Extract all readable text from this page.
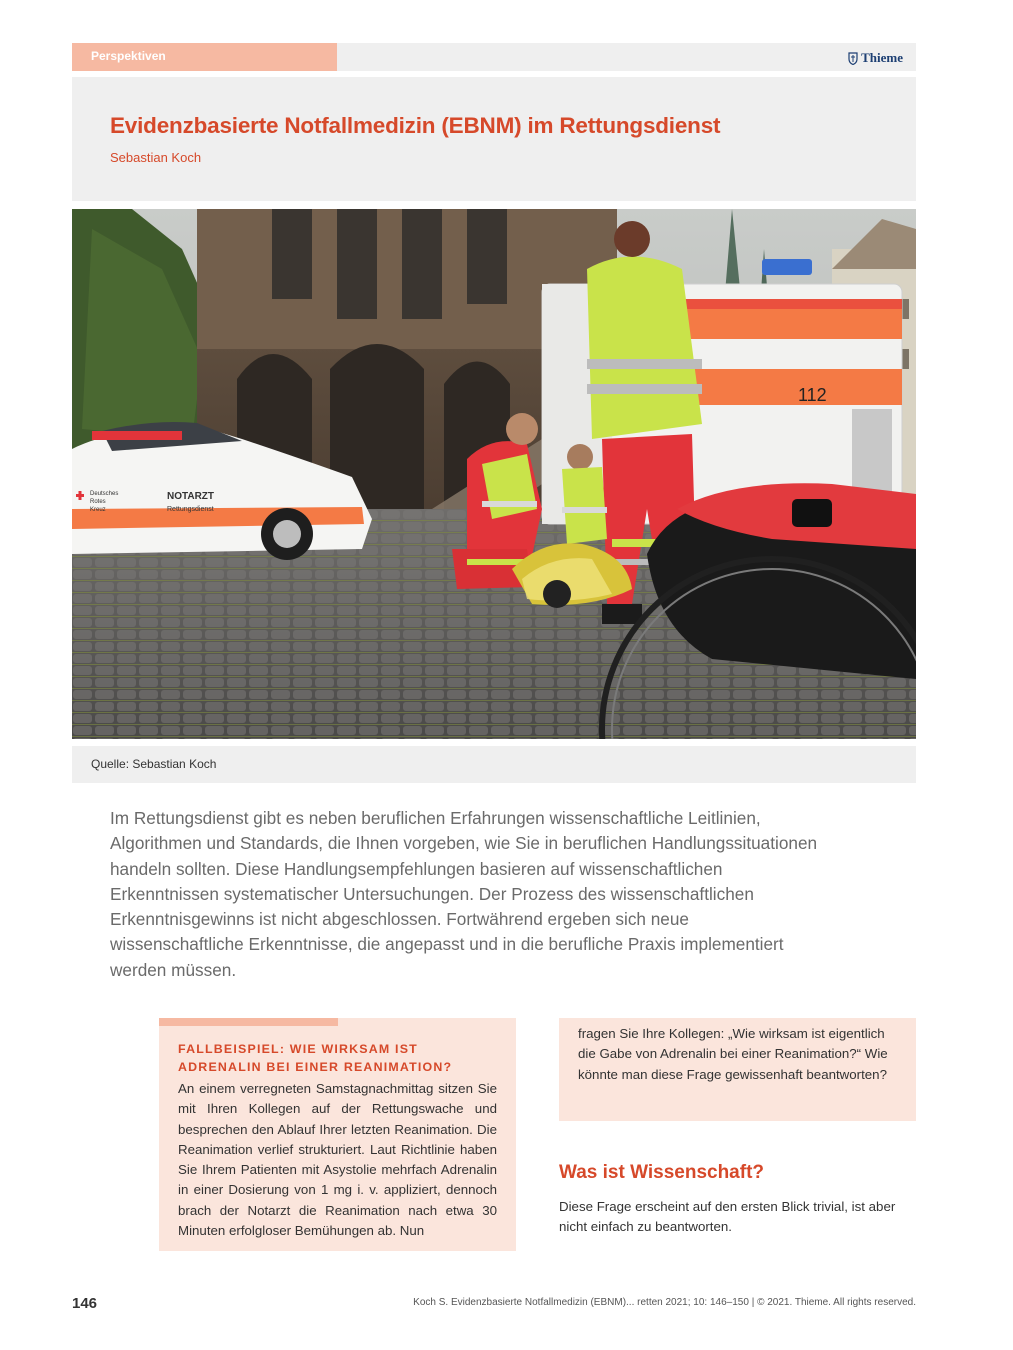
Perspektiven	Thieme
Evidenzbasierte Notfallmedizin (EBNM) im Rettungsdienst
Sebastian Koch
112
NOTARZT
Rettungsdienst
Deutsches
Rotes
Kreuz
Quelle: Sebastian Koch

Im Rettungsdienst gibt es neben beruflichen Erfahrungen wissenschaftliche Leitlinien, Algorithmen und Standards, die Ihnen vorgeben, wie Sie in beruflichen Handlungssituationen handeln sollten. Diese Handlungsempfehlungen basieren auf wissenschaftlichen Erkenntnissen systematischer Untersuchungen. Der Prozess des wissenschaftlichen Erkenntnisgewinns ist nicht abgeschlossen. Fortwährend ergeben sich neue wissenschaftliche Erkenntnisse, die angepasst und in die berufliche Praxis implementiert werden müssen.

FALLBEISPIEL: WIE WIRKSAM IST ADRENALIN BEI EINER REANIMATION?

An einem verregneten Samstagnachmittag sitzen Sie mit Ihren Kollegen auf der Rettungswache und besprechen den Ablauf Ihrer letzten Reanimation. Die Reanimation verlief strukturiert. Laut Richtlinie haben Sie Ihrem Patienten mit Asystolie mehrfach Adrenalin in einer Dosierung von 1 mg i. v. appliziert, dennoch brach der Notarzt die Reanimation nach etwa 30 Minuten erfolgloser Bemühungen ab. Nun

fragen Sie Ihre Kollegen: „Wie wirksam ist eigentlich die Gabe von Adrenalin bei einer Reanimation?“ Wie könnte man diese Frage gewissenhaft beantworten?

Was ist Wissenschaft?

Diese Frage erscheint auf den ersten Blick trivial, ist aber nicht einfach zu beantworten.

146	Koch S. Evidenzbasierte Notfallmedizin (EBNM)... retten 2021; 10: 146–150 | © 2021. Thieme. All rights reserved.
